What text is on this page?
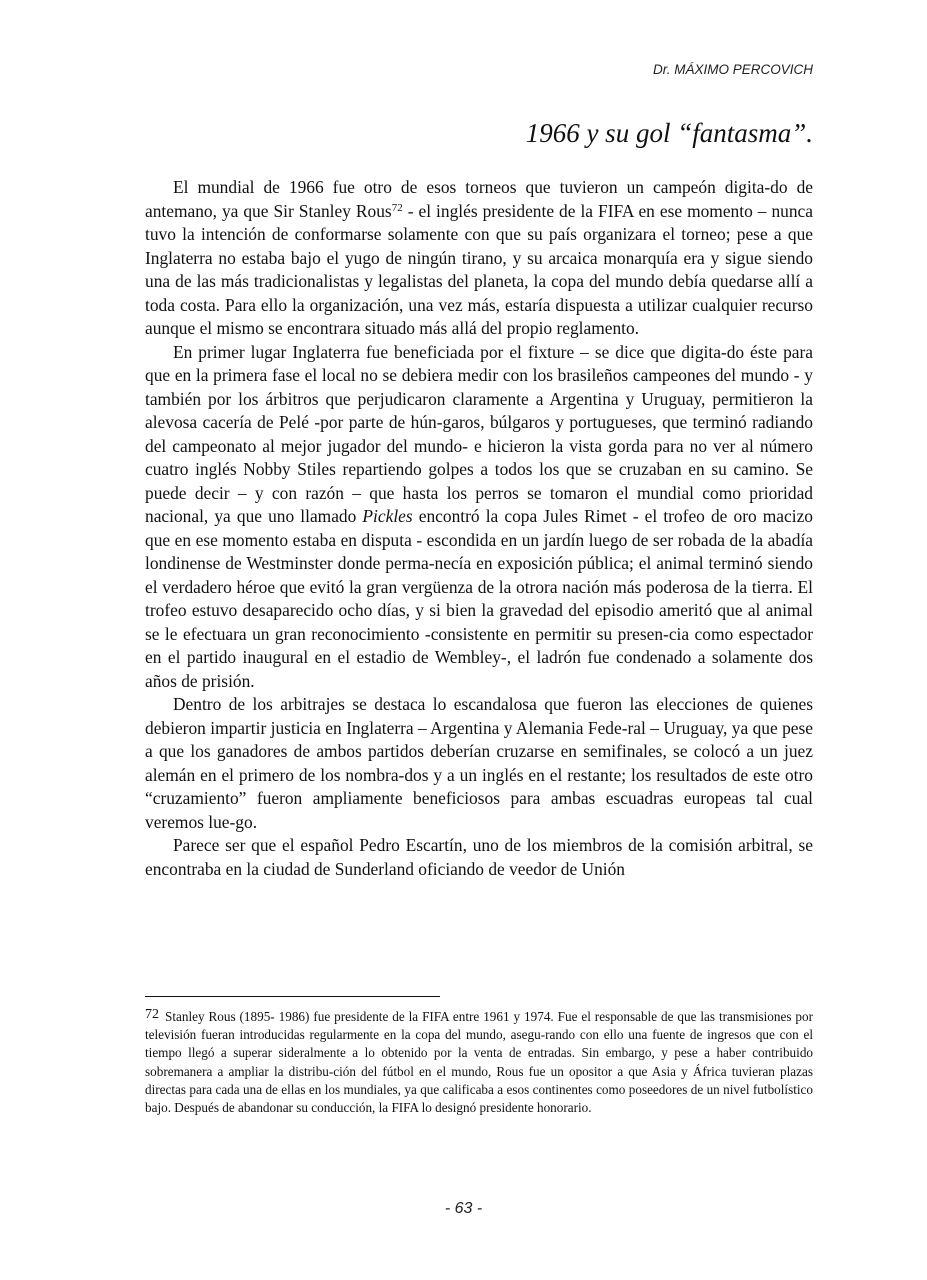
Dr. MÁXIMO PERCOVICH
1966 y su gol “fantasma”.

El mundial de 1966 fue otro de esos torneos que tuvieron un campeón digita-do de antemano, ya que Sir Stanley Rous$^{72}$ - el inglés presidente de la FIFA en ese momento – nunca tuvo la intención de conformarse solamente con que su país organizara el torneo; pese a que Inglaterra no estaba bajo el yugo de ningún tirano, y su arcaica monarquía era y sigue siendo una de las más tradicionalistas y legalistas del planeta, la copa del mundo debía quedarse allí a toda costa. Para ello la organización, una vez más, estaría dispuesta a utilizar cualquier recurso aunque el mismo se encontrara situado más allá del propio reglamento.

En primer lugar Inglaterra fue beneficiada por el fixture – se dice que digita-do éste para que en la primera fase el local no se debiera medir con los brasileños campeones del mundo - y también por los árbitros que perjudicaron claramente a Argentina y Uruguay, permitieron la alevosa cacería de Pelé -por parte de hún-garos, búlgaros y portugueses, que terminó radiando del campeonato al mejor jugador del mundo- e hicieron la vista gorda para no ver al número cuatro inglés Nobby Stiles repartiendo golpes a todos los que se cruzaban en su camino. Se puede decir – y con razón – que hasta los perros se tomaron el mundial como prioridad nacional, ya que uno llamado Pickles encontró la copa Jules Rimet - el trofeo de oro macizo que en ese momento estaba en disputa - escondida en un jardín luego de ser robada de la abadía londinense de Westminster donde perma-necía en exposición pública; el animal terminó siendo el verdadero héroe que evitó la gran vergüenza de la otrora nación más poderosa de la tierra. El trofeo estuvo desaparecido ocho días, y si bien la gravedad del episodio ameritó que al animal se le efectuara un gran reconocimiento -consistente en permitir su presen-cia como espectador en el partido inaugural en el estadio de Wembley-, el ladrón fue condenado a solamente dos años de prisión.

Dentro de los arbitrajes se destaca lo escandalosa que fueron las elecciones de quienes debieron impartir justicia en Inglaterra – Argentina y Alemania Fede-ral – Uruguay, ya que pese a que los ganadores de ambos partidos deberían cruzarse en semifinales, se colocó a un juez alemán en el primero de los nombra-dos y a un inglés en el restante; los resultados de este otro “cruzamiento” fueron ampliamente beneficiosos para ambas escuadras europeas tal cual veremos lue-go.

Parece ser que el español Pedro Escartín, uno de los miembros de la comisión arbitral, se encontraba en la ciudad de Sunderland oficiando de veedor de Unión

72 Stanley Rous (1895- 1986) fue presidente de la FIFA entre 1961 y 1974. Fue el responsable de que las transmisiones por televisión fueran introducidas regularmente en la copa del mundo, asegu-rando con ello una fuente de ingresos que con el tiempo llegó a superar sideralmente a lo obtenido por la venta de entradas. Sin embargo, y pese a haber contribuido sobremanera a ampliar la distribu-ción del fútbol en el mundo, Rous fue un opositor a que Asia y África tuvieran plazas directas para cada una de ellas en los mundiales, ya que calificaba a esos continentes como poseedores de un nivel futbolístico bajo. Después de abandonar su conducción, la FIFA lo designó presidente honorario.
- 63 -
